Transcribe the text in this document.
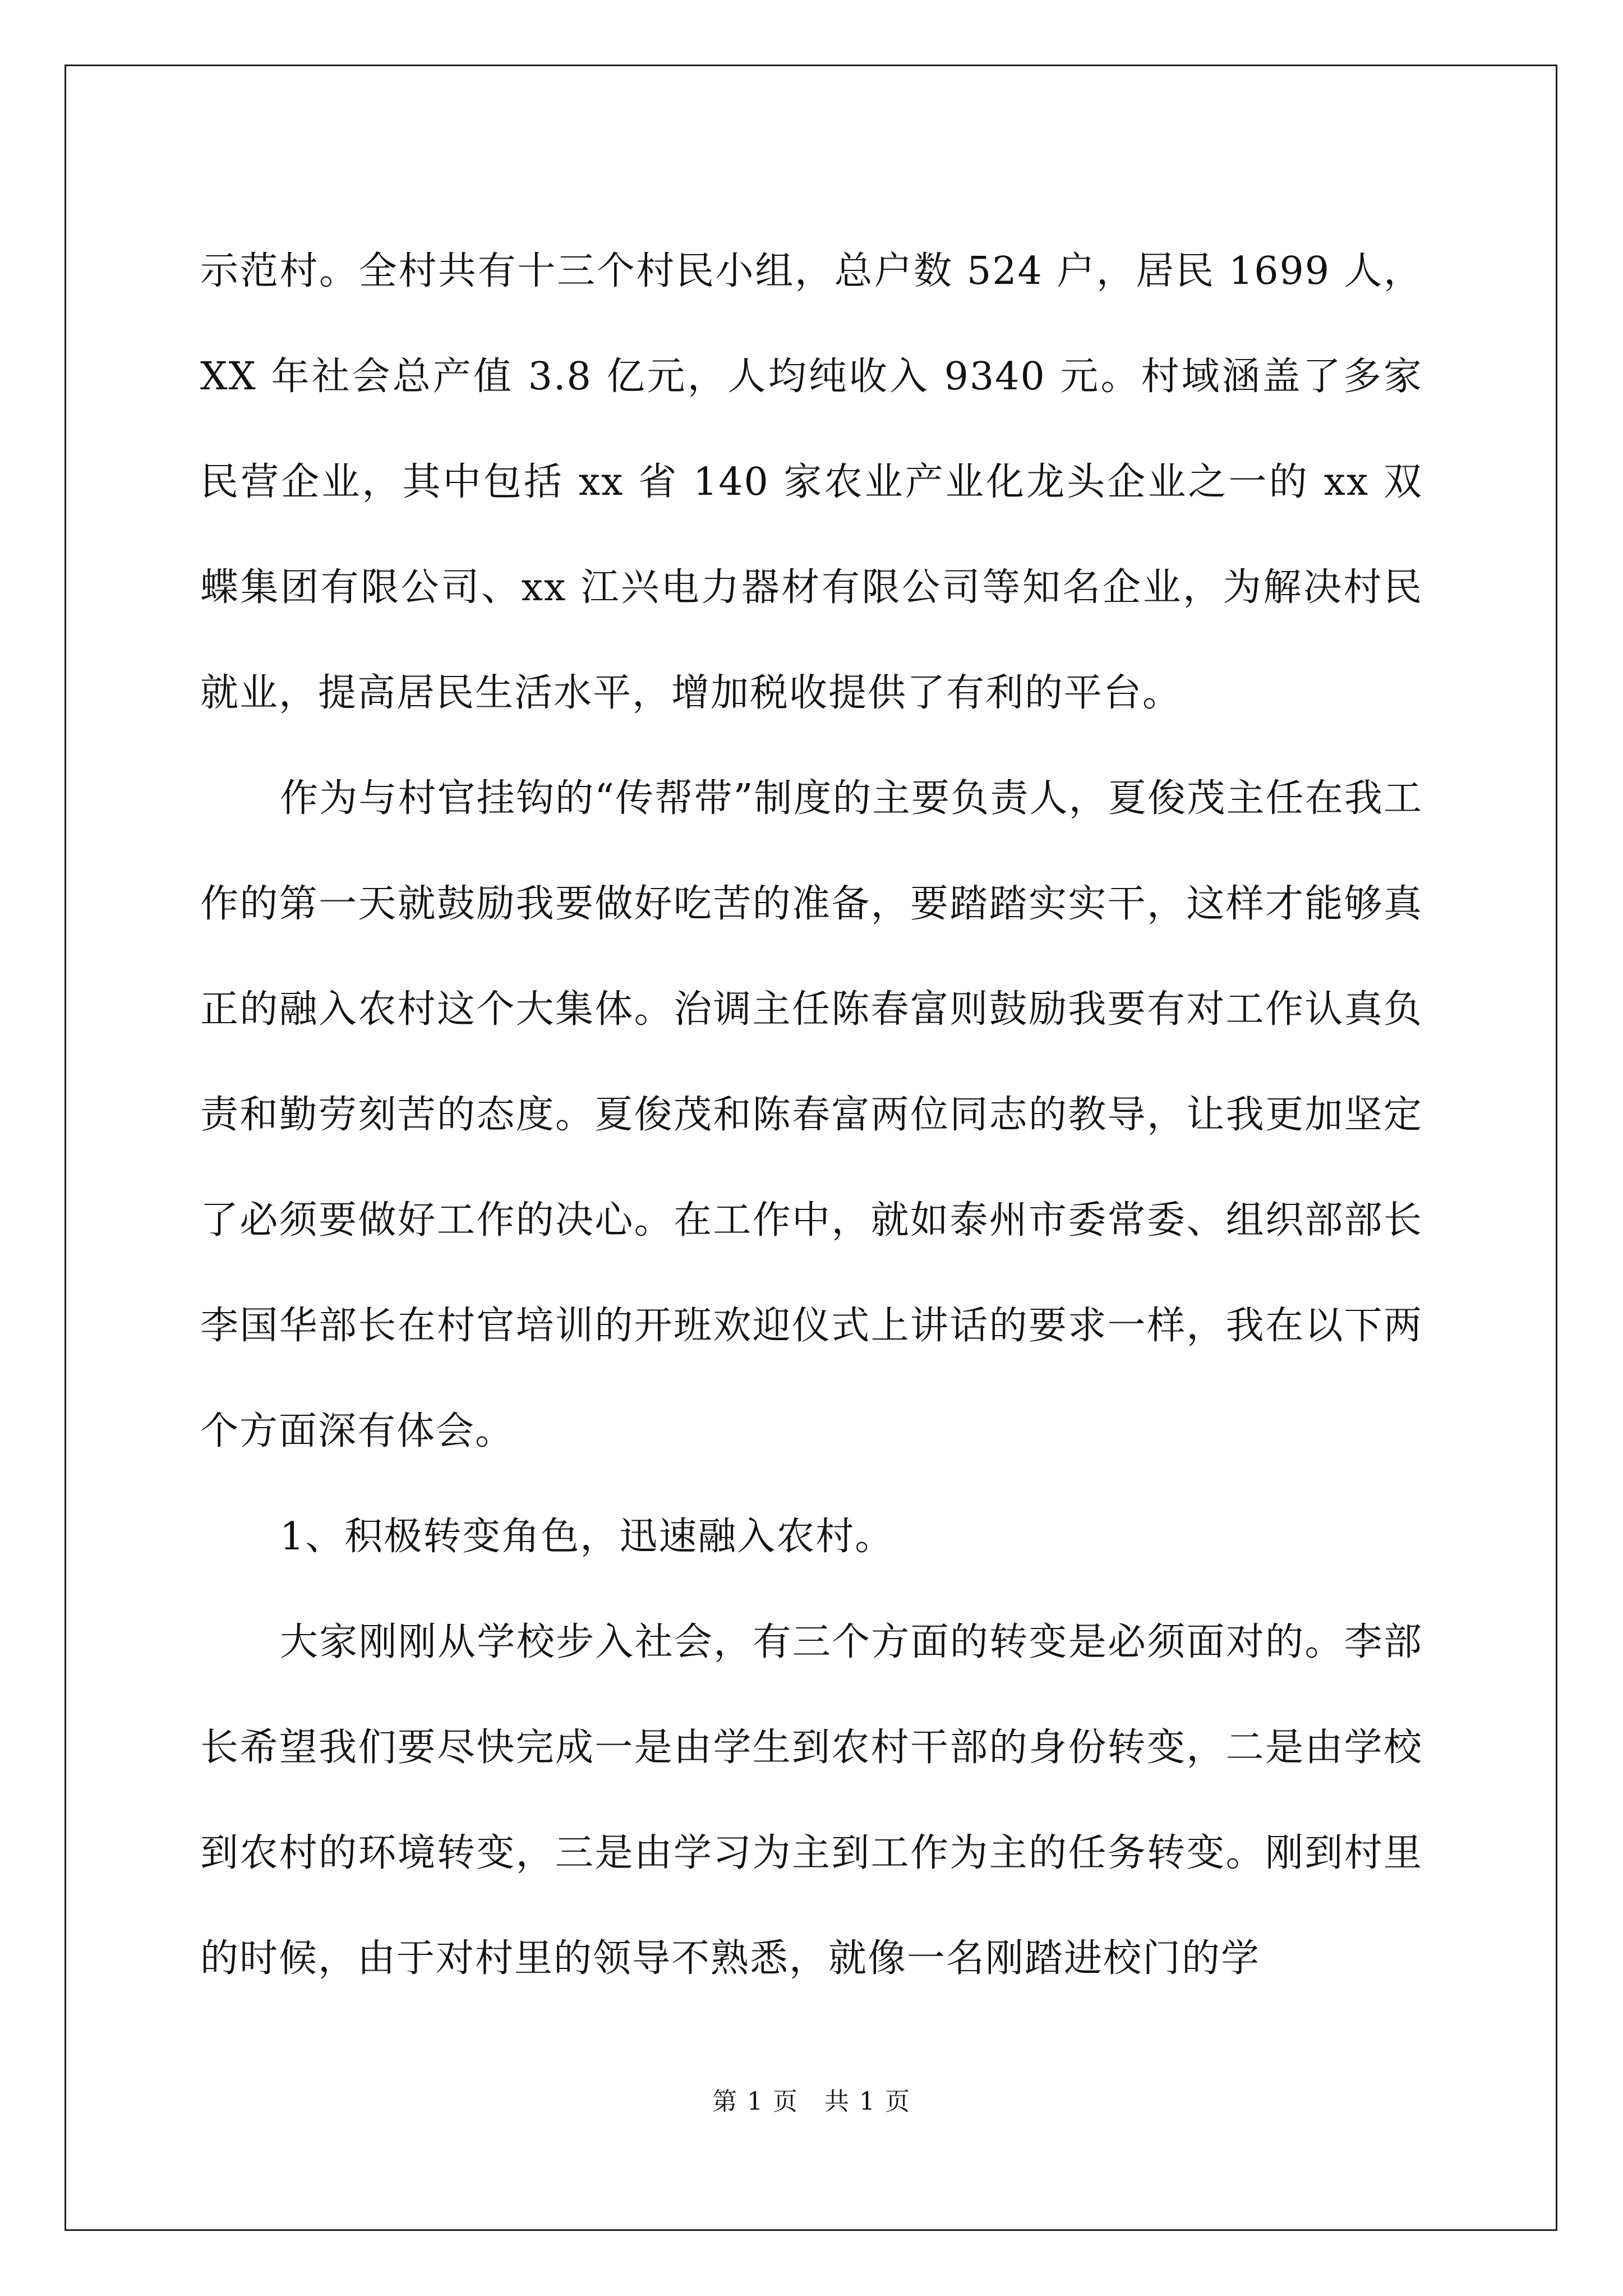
示范村。全村共有十三个村民小组，总户数 524 户，居民 1699 人，XX 年社会总产值 3.8 亿元，人均纯收入 9340 元。村域涵盖了多家民营企业，其中包括 xx 省 140 家农业产业化龙头企业之一的 xx 双蝶集团有限公司、xx 江兴电力器材有限公司等知名企业，为解决村民就业，提高居民生活水平，增加税收提供了有利的平台。

作为与村官挂钩的“传帮带”制度的主要负责人，夏俊茂主任在我工作的第一天就鼓励我要做好吃苦的准备，要踏踏实实干，这样才能够真正的融入农村这个大集体。治调主任陈春富则鼓励我要有对工作认真负责和勤劳刻苦的态度。夏俊茂和陈春富两位同志的教导，让我更加坚定了必须要做好工作的决心。在工作中，就如泰州市委常委、组织部部长李国华部长在村官培训的开班欢迎仪式上讲话的要求一样，我在以下两个方面深有体会。

1、积极转变角色，迅速融入农村。

大家刚刚从学校步入社会，有三个方面的转变是必须面对的。李部长希望我们要尽快完成一是由学生到农村干部的身份转变，二是由学校到农村的环境转变，三是由学习为主到工作为主的任务转变。刚到村里的时候，由于对村里的领导不熟悉，就像一名刚踏进校门的学

第 1 页　共 1 页
